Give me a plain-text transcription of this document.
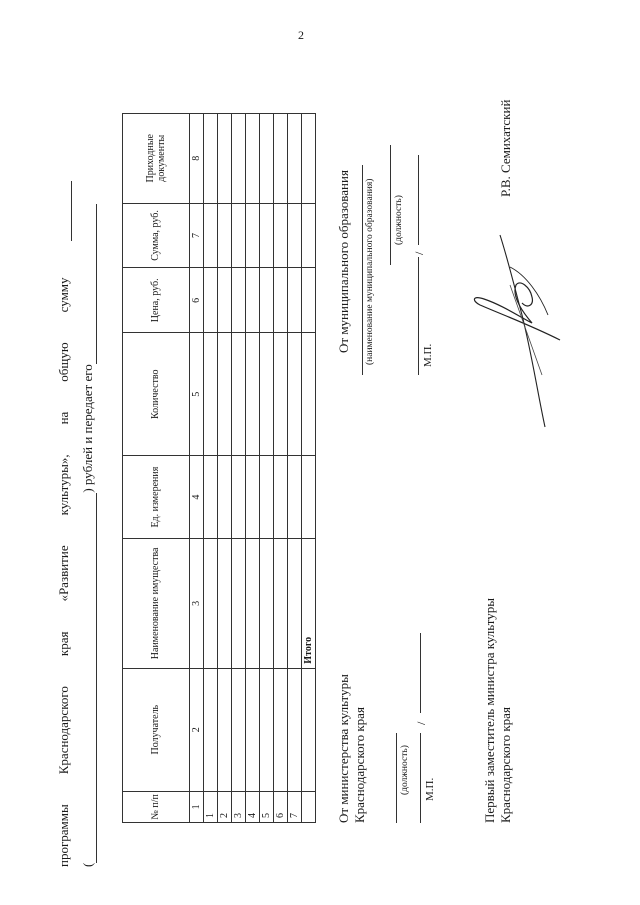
2
программы
Краснодарского
края
«Развитие
культуры»,
на
общую
сумму
( ) рублей и передает его
№ п/п	Получатель	Наименование имущества	Ед. измерения	Количество	Цена, руб.	Сумма, руб.	Приходные документы
1	2	3	4	5	6	7	8
1							
2							
3							
4							
5							
6							
7							
		Итого					
От министерства культуры Краснодарского края	(должность)
/
М.П.
От муниципального образования (наименование муниципального образования) (должность)
/
М.П.
Первый заместитель министра культуры Краснодарского края
Р.В. Семихатский
